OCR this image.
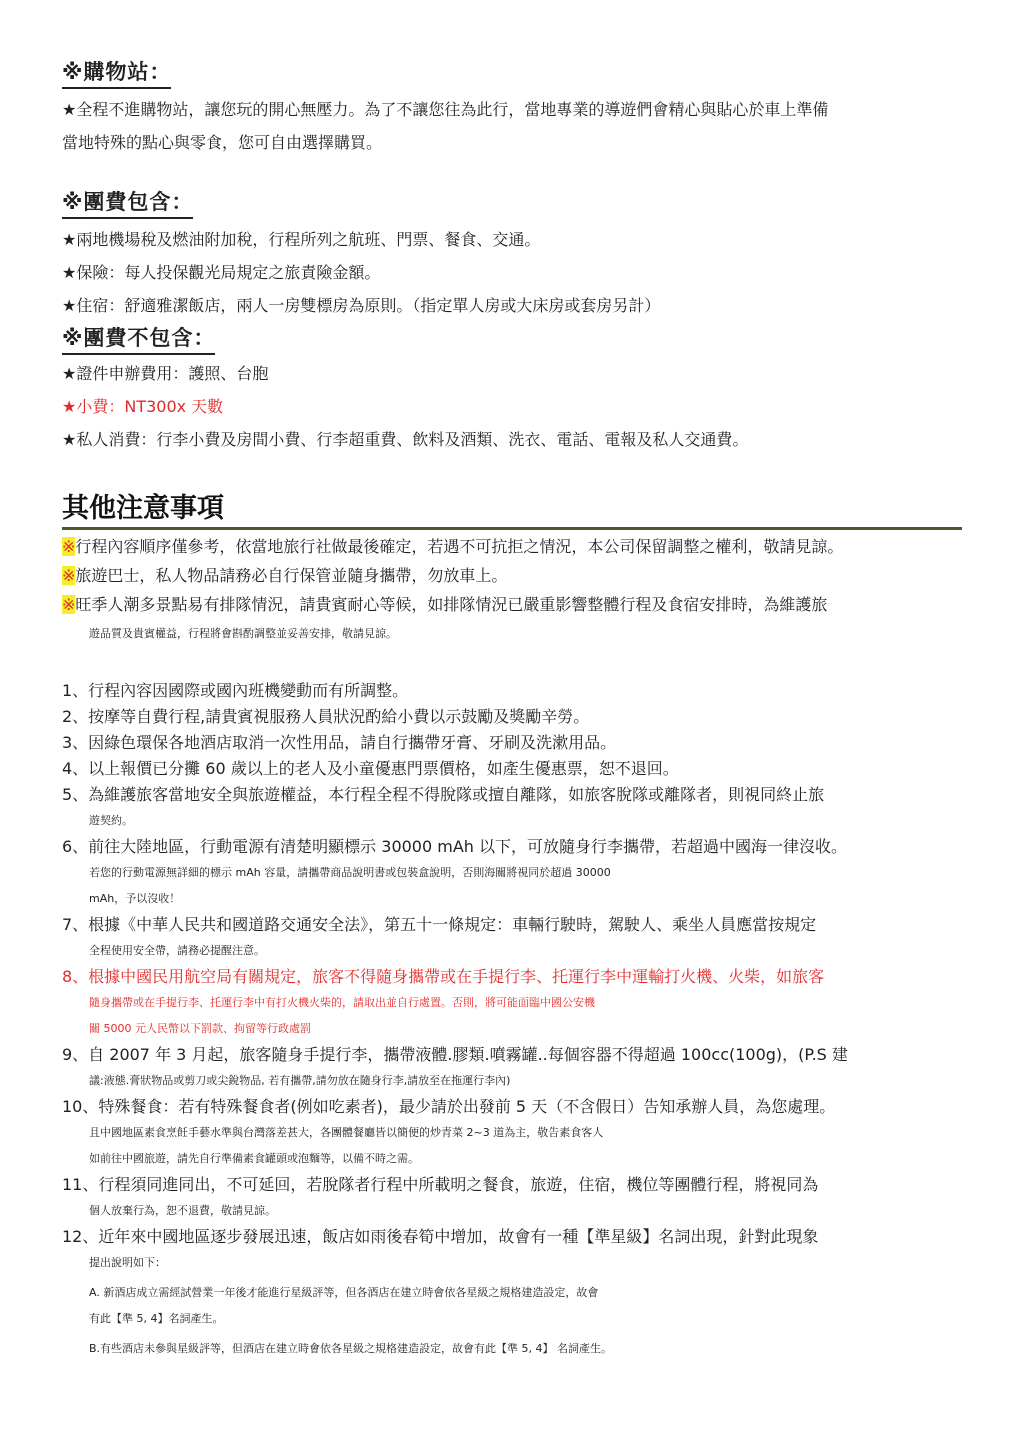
※購物站：

★全程不進購物站，讓您玩的開心無壓力。為了不讓您往為此行，當地專業的導遊們會精心與貼心於車上準備

當地特殊的點心與零食，您可自由選擇購買。

※團費包含：

★兩地機場稅及燃油附加稅，行程所列之航班、門票、餐食、交通。

★保險：每人投保觀光局規定之旅責險金額。

★住宿：舒適雅潔飯店，兩人一房雙標房為原則。（指定單人房或大床房或套房另計）

※團費不包含：

★證件申辦費用：護照、台胞

★小費：NT300x 天數

★私人消費：行李小費及房間小費、行李超重費、飲料及酒類、洗衣、電話、電報及私人交通費。

其他注意事項

※行程內容順序僅參考，依當地旅行社做最後確定，若遇不可抗拒之情況，本公司保留調整之權利，敬請見諒。

※旅遊巴士，私人物品請務必自行保管並隨身攜帶，勿放車上。

※旺季人潮多景點易有排隊情況，請貴賓耐心等候，如排隊情況已嚴重影響整體行程及食宿安排時，為維護旅

遊品質及貴賓權益，行程將會斟酌調整並妥善安排，敬請見諒。

1、行程內容因國際或國內班機變動而有所調整。

2、按摩等自費行程,請貴賓視服務人員狀況酌給小費以示鼓勵及獎勵辛勞。

3、因綠色環保各地酒店取消一次性用品，請自行攜帶牙膏、牙刷及洗漱用品。

4、以上報價已分攤 60 歲以上的老人及小童優惠門票價格，如產生優惠票，恕不退回。

5、為維護旅客當地安全與旅遊權益，本行程全程不得脫隊或擅自離隊，如旅客脫隊或離隊者，則視同終止旅

遊契約。

6、前往大陸地區，行動電源有清楚明顯標示 30000 mAh 以下，可放隨身行李攜帶，若超過中國海一律沒收。

若您的行動電源無詳細的標示 mAh 容量，請攜帶商品說明書或包裝盒說明，否則海關將視同於超過 30000

mAh，予以沒收！

7、根據《中華人民共和國道路交通安全法》，第五十一條規定：車輛行駛時，駕駛人、乘坐人員應當按規定

全程使用安全帶，請務必提醒注意。

8、根據中國民用航空局有關規定，旅客不得隨身攜帶或在手提行李、托運行李中運輸打火機、火柴，如旅客

隨身攜帶或在手提行李、托運行李中有打火機火柴的，請取出並自行處置。否則，將可能面臨中國公安機

關 5000 元人民幣以下罰款、拘留等行政處罰

9、自 2007 年 3 月起，旅客隨身手提行李，攜帶液體.膠類.噴霧罐..每個容器不得超過 100cc(100g)，(P.S 建

議:液態.膏狀物品或剪刀或尖銳物品, 若有攜帶,請勿放在隨身行李,請放至在拖運行李內)

10、特殊餐食：若有特殊餐食者(例如吃素者)，最少請於出發前 5 天（不含假日）告知承辦人員，為您處理。

且中國地區素食烹飪手藝水準與台灣落差甚大，各團體餐廳皆以簡便的炒青菜 2~3 道為主，敬告素食客人

如前往中國旅遊，請先自行準備素食罐頭或泡麵等，以備不時之需。

11、行程須同進同出，不可延回，若脫隊者行程中所載明之餐食，旅遊，住宿，機位等團體行程，將視同為

個人放棄行為，恕不退費，敬請見諒。

12、近年來中國地區逐步發展迅速，飯店如雨後春筍中增加，故會有一種【準星級】名詞出現，針對此現象

提出說明如下：

A. 新酒店成立需經試營業一年後才能進行星級評等，但各酒店在建立時會依各星級之規格建造設定，故會

有此【準 5, 4】名詞產生。

B.有些酒店未參與星級評等，但酒店在建立時會依各星級之規格建造設定，故會有此【準 5, 4】 名詞產生。
